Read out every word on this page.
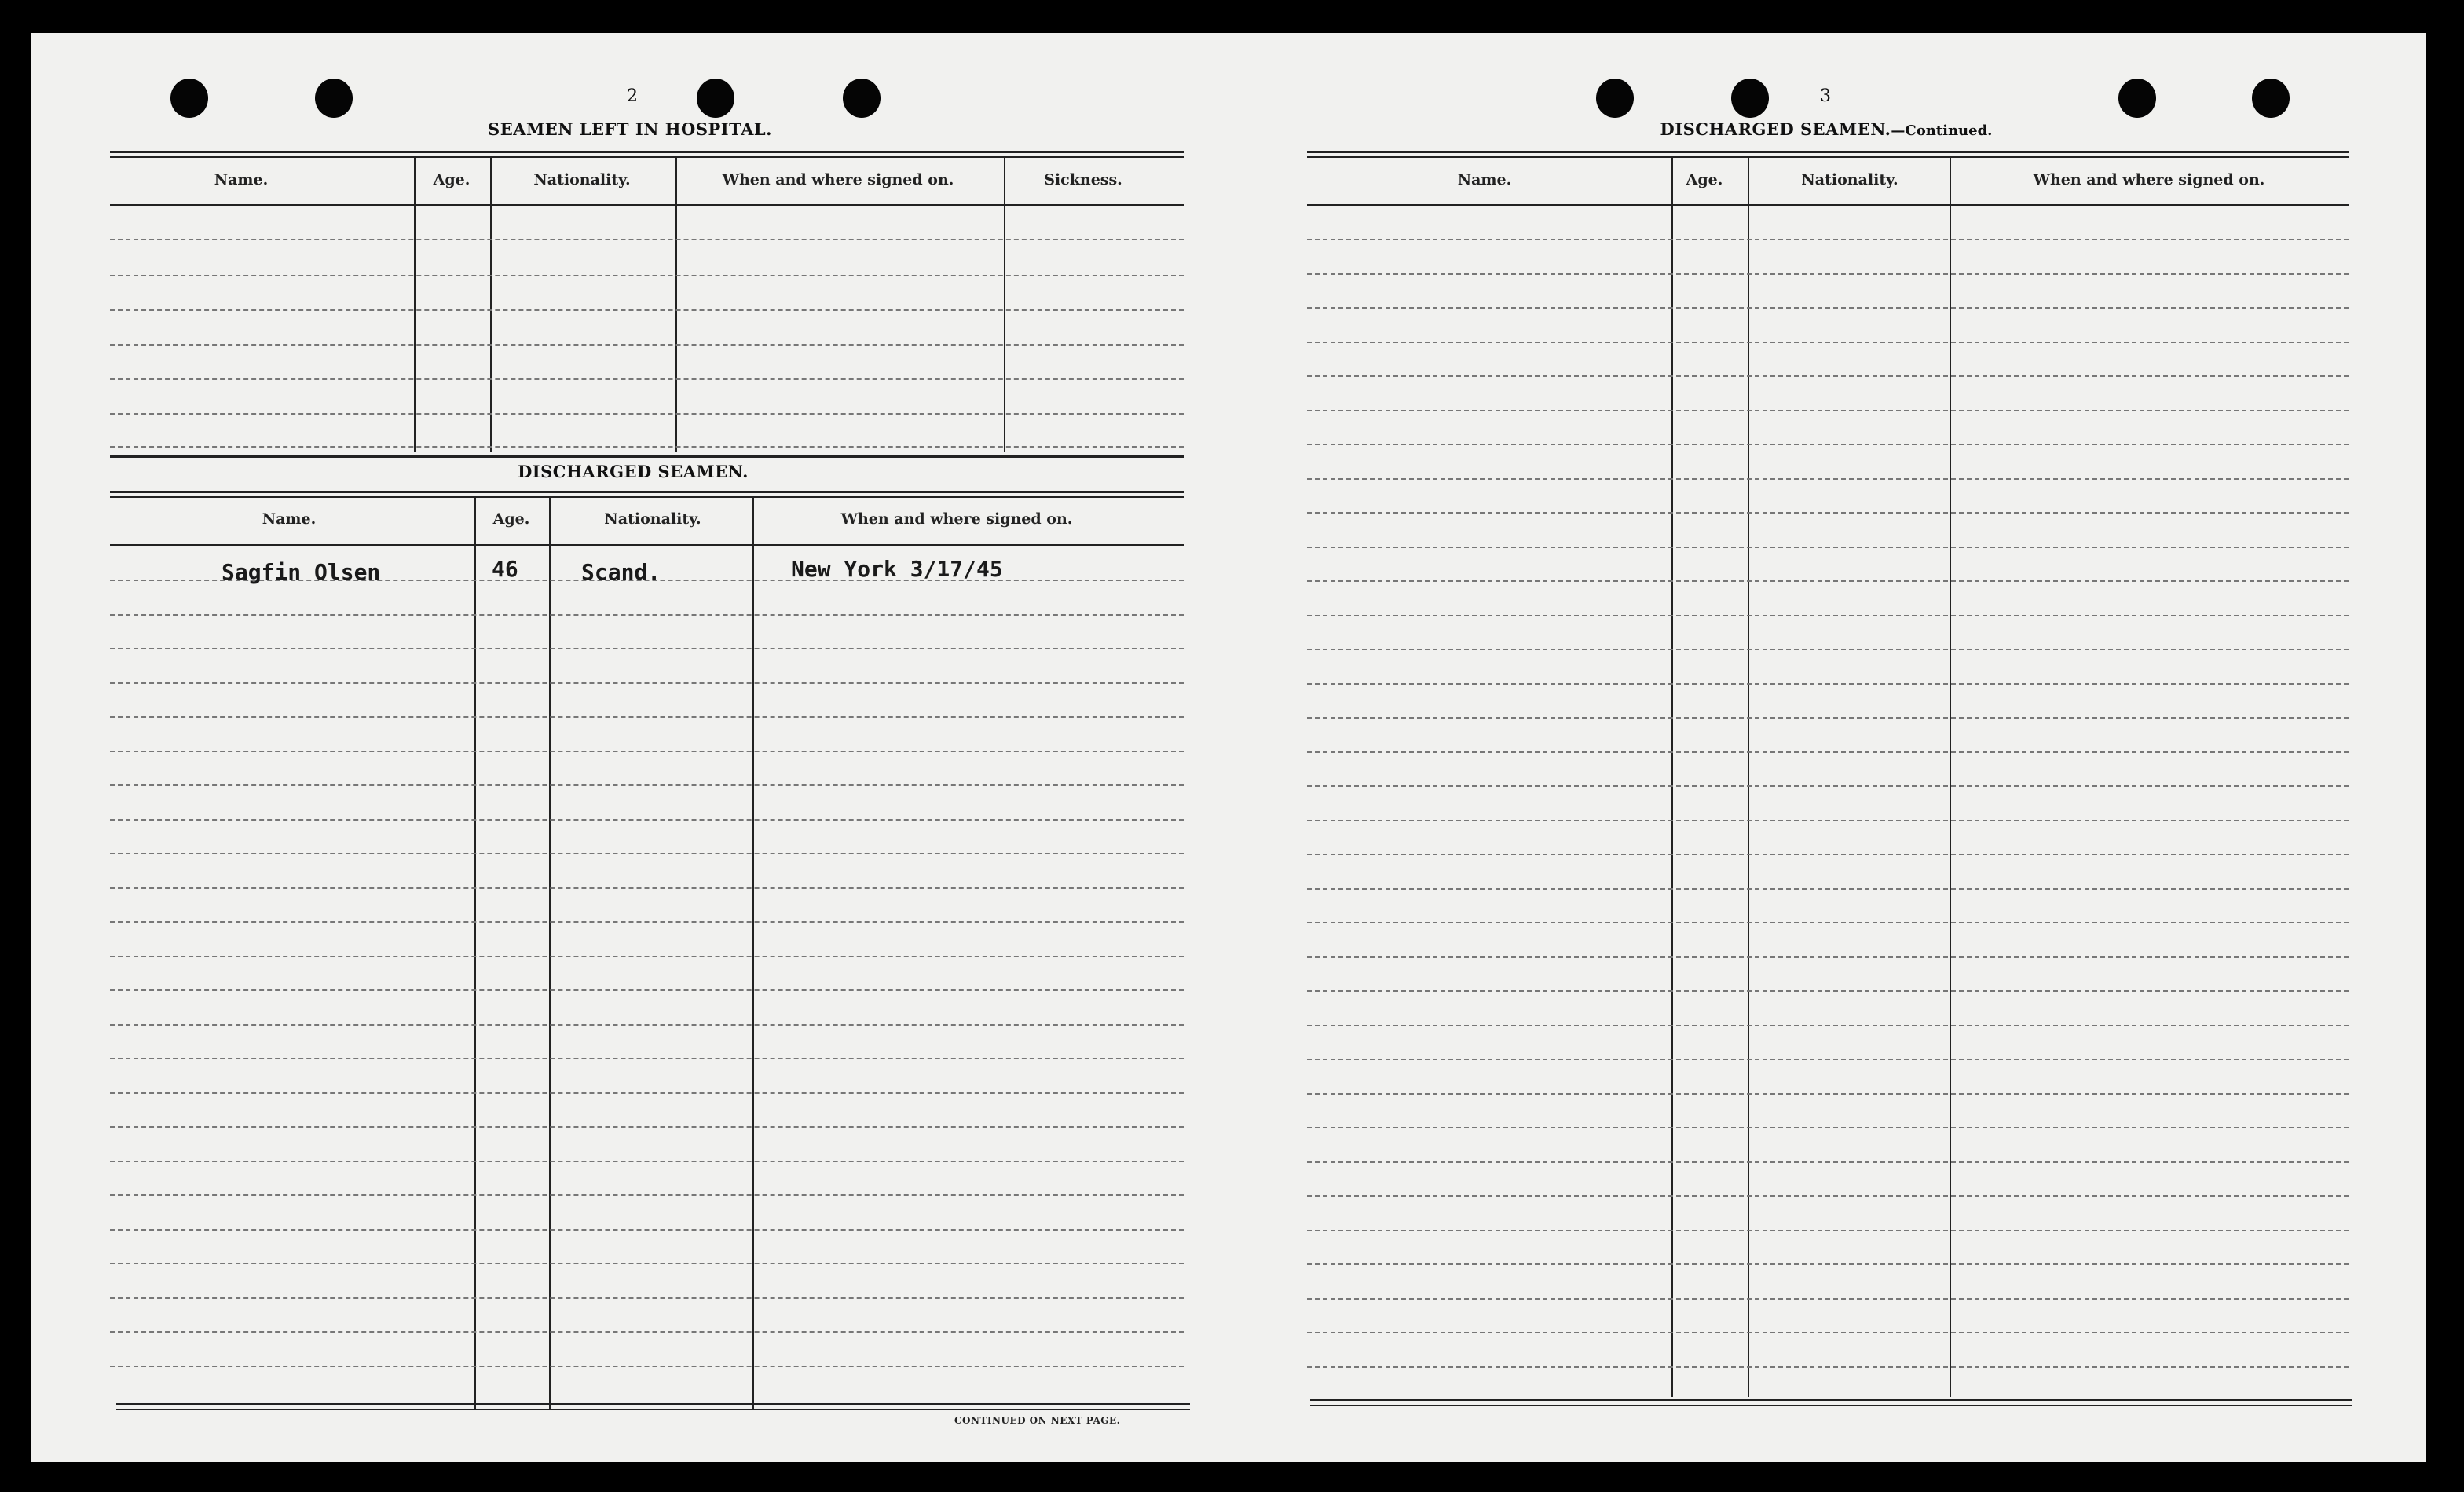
2
SEAMEN LEFT IN HOSPITAL.
Name.	Age.	Nationality.	When and where signed on.	Sickness.
DISCHARGED SEAMEN.
Name.	Age.	Nationality.	When and where signed on.
Sagfin Olsen	46	Scand.	New York 3/17/45
CONTINUED ON NEXT PAGE.
3
DISCHARGED SEAMEN.—Continued.
Name.	Age.	Nationality.	When and where signed on.
